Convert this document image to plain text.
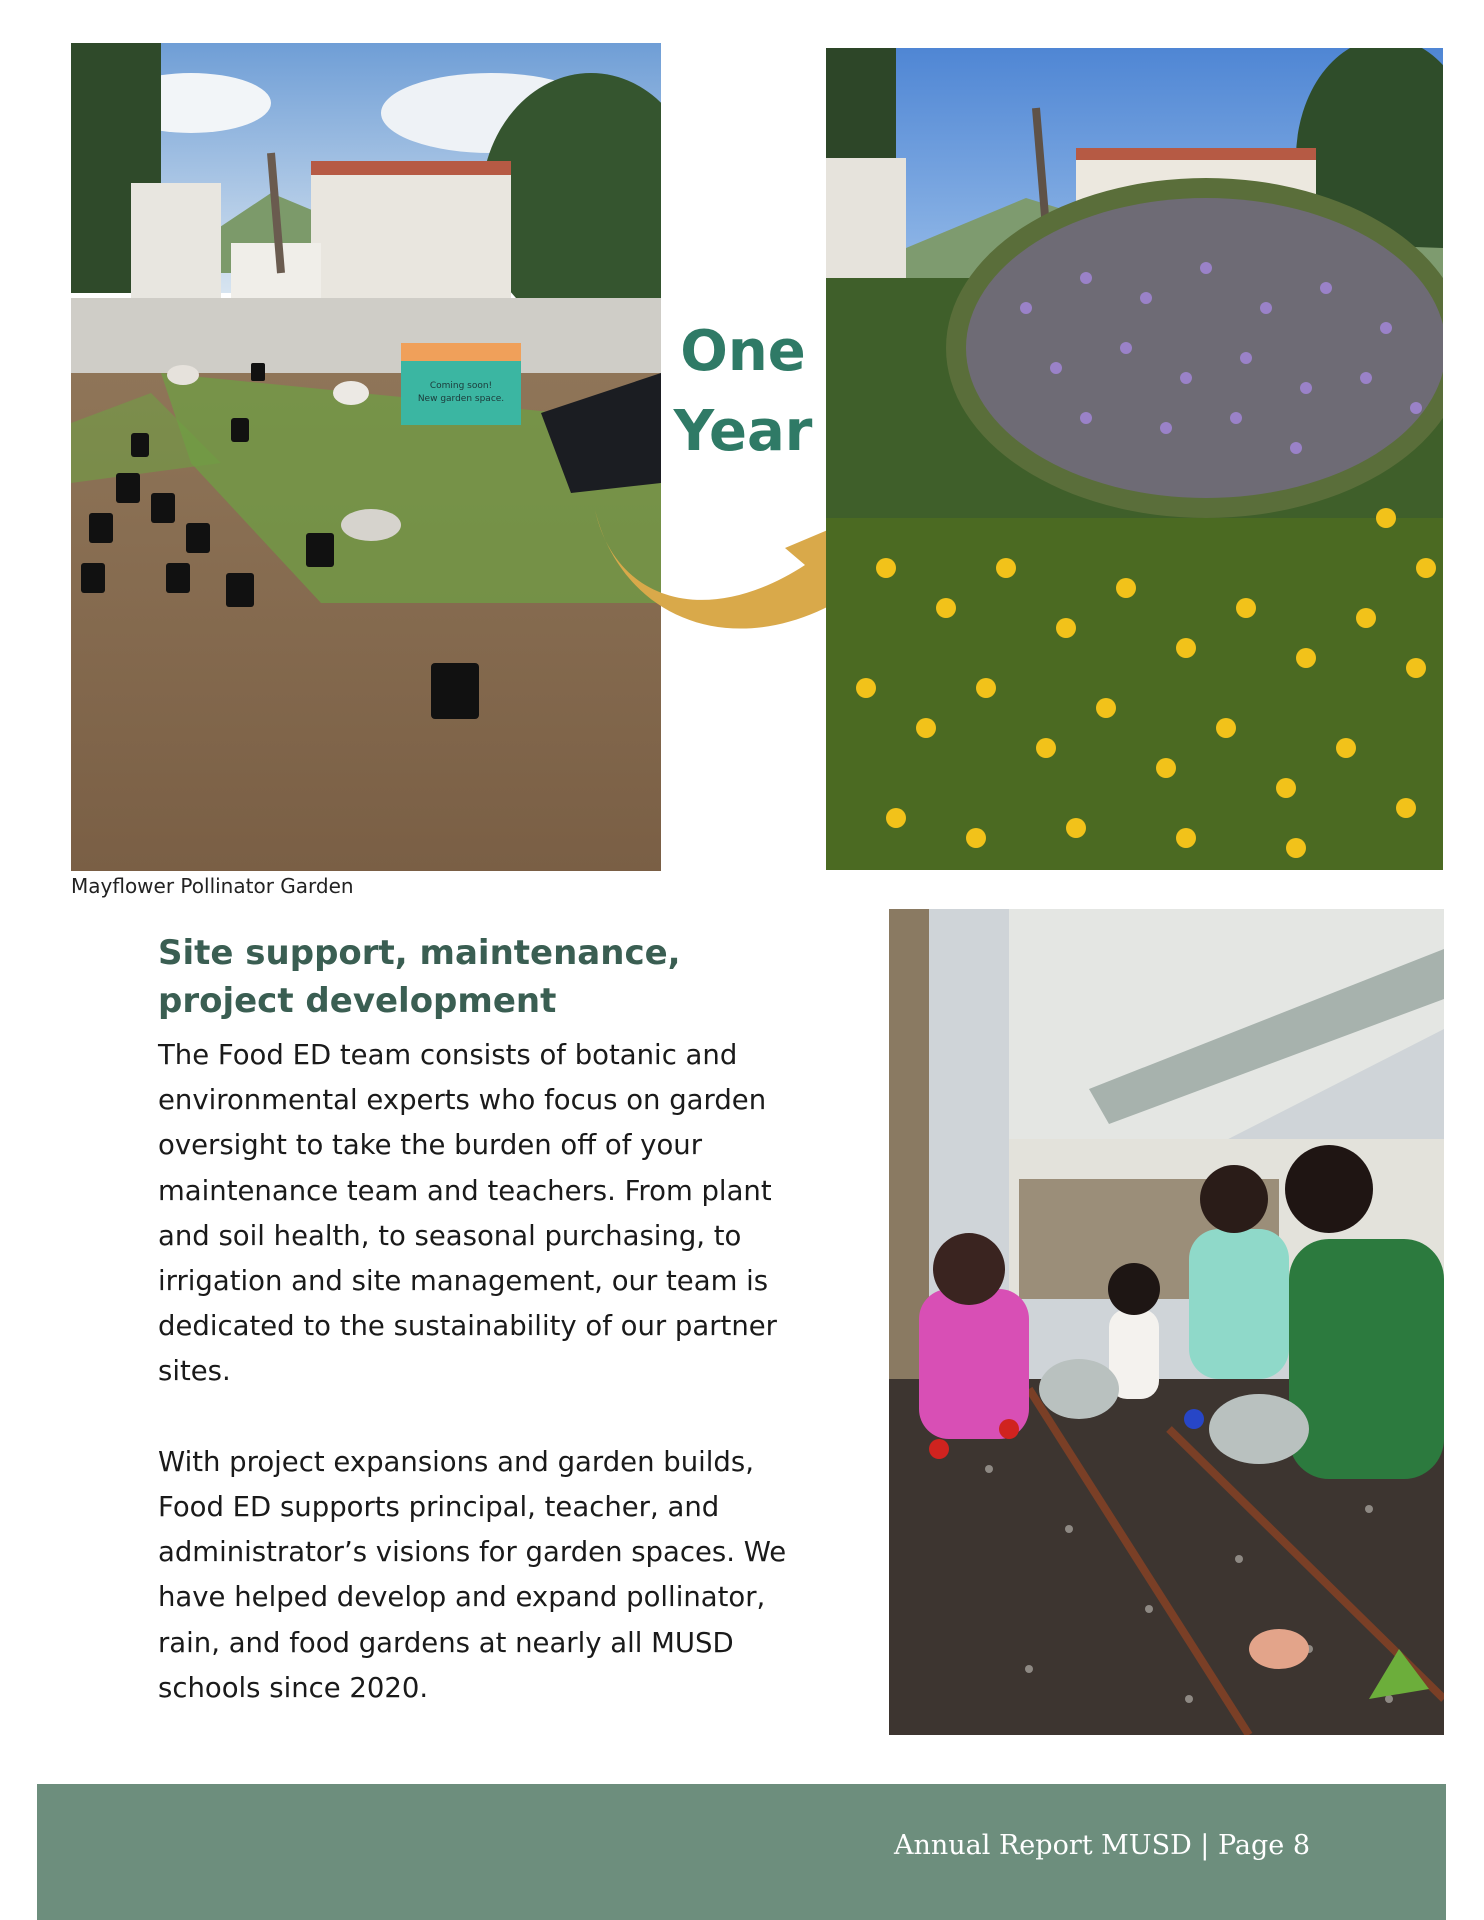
Coming soon!
New garden space.
Mayflower Pollinator Garden
One
Year
Site support, maintenance,
project development

The Food ED team consists of botanic and environmental experts who focus on garden oversight to take the burden off of your maintenance team and teachers. From plant and soil health, to seasonal purchasing, to irrigation and site management, our team is dedicated to the sustainability of our partner sites.

With project expansions and garden builds, Food ED supports principal, teacher, and administrator’s visions for garden spaces. We have helped develop and expand pollinator, rain, and food gardens at nearly all MUSD schools since 2020.

Annual Report MUSD | Page 8
